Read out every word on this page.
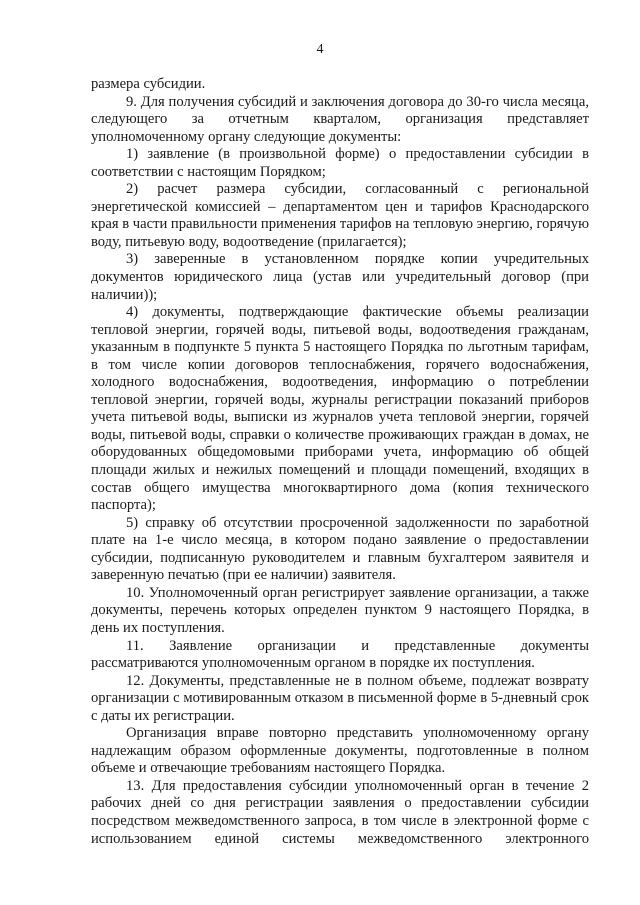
4

размера субсидии.

9. Для получения субсидий и заключения договора до 30-го числа месяца, следующего за отчетным кварталом, организация представляет уполномоченному органу следующие документы:

1) заявление (в произвольной форме) о предоставлении субсидии в соответствии с настоящим Порядком;

2) расчет размера субсидии, согласованный с региональной энергетической комиссией – департаментом цен и тарифов Краснодарского края в части правильности применения тарифов на тепловую энергию, горячую воду, питьевую воду, водоотведение (прилагается);

3) заверенные в установленном порядке копии учредительных документов юридического лица (устав или учредительный договор (при наличии));

4) документы, подтверждающие фактические объемы реализации тепловой энергии, горячей воды, питьевой воды, водоотведения гражданам, указанным в подпункте 5 пункта 5 настоящего Порядка по льготным тарифам, в том числе копии договоров теплоснабжения, горячего водоснабжения, холодного водоснабжения, водоотведения, информацию о потреблении тепловой энергии, горячей воды, журналы регистрации показаний приборов учета питьевой воды, выписки из журналов учета тепловой энергии, горячей воды, питьевой воды, справки о количестве проживающих граждан в домах, не оборудованных общедомовыми приборами учета, информацию об общей площади жилых и нежилых помещений и площади помещений, входящих в состав общего имущества многоквартирного дома (копия технического паспорта);

5) справку об отсутствии просроченной задолженности по заработной плате на 1-е число месяца, в котором подано заявление о предоставлении субсидии, подписанную руководителем и главным бухгалтером заявителя и заверенную печатью (при ее наличии) заявителя.

10. Уполномоченный орган регистрирует заявление организации, а также документы, перечень которых определен пунктом 9 настоящего Порядка, в день их поступления.

11. Заявление организации и представленные документы рассматриваются уполномоченным органом в порядке их поступления.

12. Документы, представленные не в полном объеме, подлежат возврату организации с мотивированным отказом в письменной форме в 5-дневный срок с даты их регистрации.

Организация вправе повторно представить уполномоченному органу надлежащим образом оформленные документы, подготовленные в полном объеме и отвечающие требованиям настоящего Порядка.

13. Для предоставления субсидии уполномоченный орган в течение 2 рабочих дней со дня регистрации заявления о предоставлении субсидии посредством межведомственного запроса, в том числе в электронной форме с использованием единой системы межведомственного электронного
